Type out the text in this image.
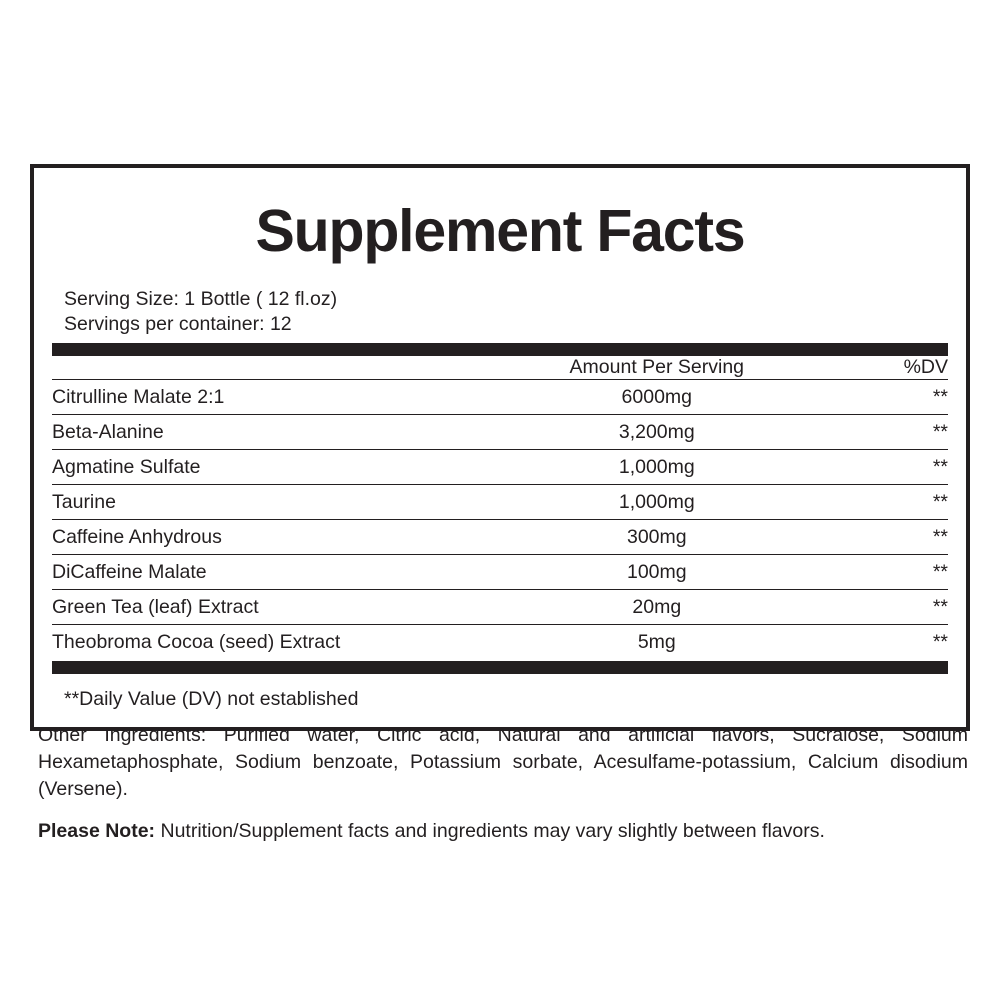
Supplement Facts
Serving Size: 1 Bottle ( 12 fl.oz)
Servings per container: 12
	Amount Per Serving	%DV
Citrulline Malate 2:1	6000mg	**
Beta-Alanine	3,200mg	**
Agmatine Sulfate	1,000mg	**
Taurine	1,000mg	**
Caffeine Anhydrous	300mg	**
DiCaffeine Malate	100mg	**
Green Tea (leaf) Extract	20mg	**
Theobroma Cocoa (seed) Extract	5mg	**
**Daily Value (DV) not established
Other Ingredients: Purified water, Citric acid, Natural and artificial flavors, Sucralose, Sodium Hexametaphosphate, Sodium benzoate, Potassium sorbate, Acesulfame-potassium, Calcium disodium (Versene).
Please Note: Nutrition/Supplement facts and ingredients may vary slightly between flavors.
